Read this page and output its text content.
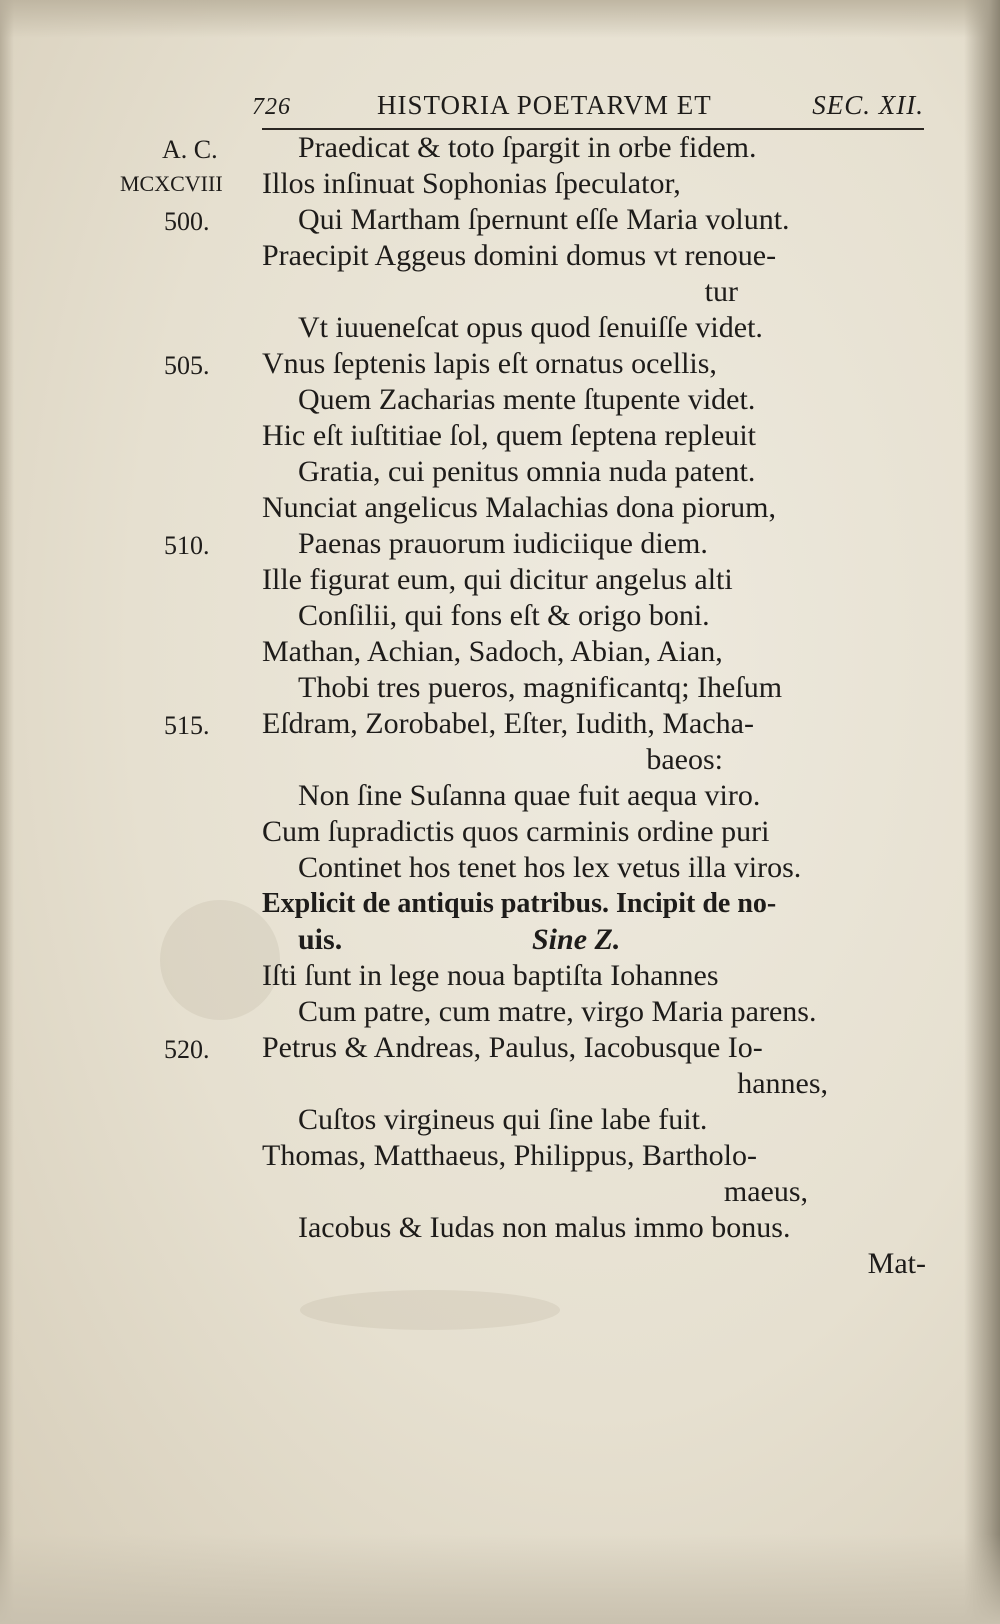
726	HISTORIA POETARVM ET	SEC. XII.
A. C.
MCXCVIII
500.
505.
510.
515.
520.
Praedicat & toto ſpargit in orbe fidem.
Illos inſinuat Sophonias ſpeculator,
Qui Martham ſpernunt eſſe Maria volunt.
Praecipit Aggeus domini domus vt renoue-
tur
Vt iuueneſcat opus quod ſenuiſſe videt.
Vnus ſeptenis lapis eſt ornatus ocellis,
Quem Zacharias mente ſtupente videt.
Hic eſt iuſtitiae ſol, quem ſeptena repleuit
Gratia, cui penitus omnia nuda patent.
Nunciat angelicus Malachias dona piorum,
Paenas prauorum iudiciique diem.
Ille figurat eum, qui dicitur angelus alti
Conſilii, qui fons eſt & origo boni.
Mathan, Achian, Sadoch, Abian, Aian,
Thobi tres pueros, magnificantq; Iheſum
Eſdram, Zorobabel, Eſter, Iudith, Macha-
baeos:
Non ſine Suſanna quae fuit aequa viro.
Cum ſupradictis quos carminis ordine puri
Continet hos tenet hos lex vetus illa viros.
Explicit de antiquis patribus. Incipit de no-
uis.	Sine Z.
Iſti ſunt in lege noua baptiſta Iohannes
Cum patre, cum matre, virgo Maria parens.
Petrus & Andreas, Paulus, Iacobusque Io-
hannes,
Cuſtos virgineus qui ſine labe fuit.
Thomas, Matthaeus, Philippus, Bartholo-
maeus,
Iacobus & Iudas non malus immo bonus.
Mat-
